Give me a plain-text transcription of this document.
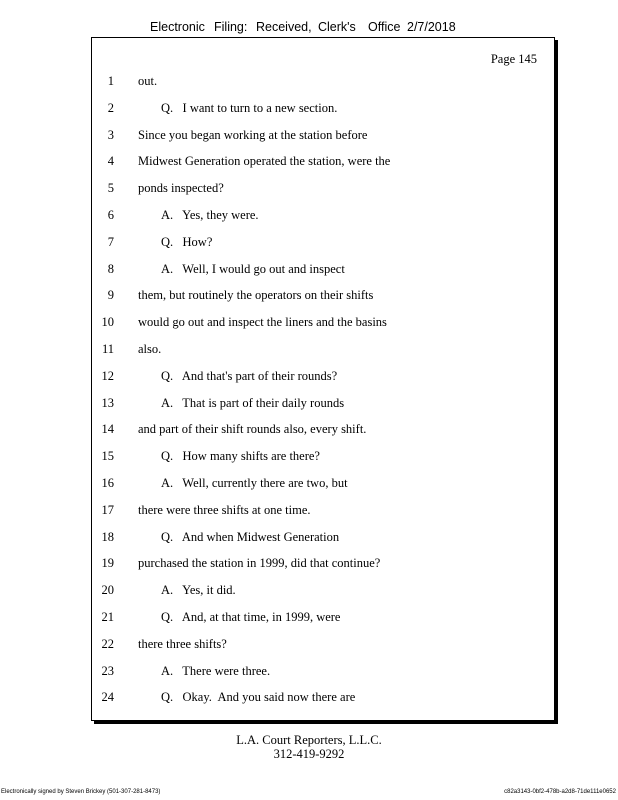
Electronic Filing: Received, Clerk's Office 2/7/2018
Page 145
1 out.
2	Q.   I want to turn to a new section.
3 Since you began working at the station before
4 Midwest Generation operated the station, were the
5 ponds inspected?
6	A.   Yes, they were.
7	Q.   How?
8	A.   Well, I would go out and inspect
9 them, but routinely the operators on their shifts
10 would go out and inspect the liners and the basins
11 also.
12	Q.   And that's part of their rounds?
13	A.   That is part of their daily rounds
14 and part of their shift rounds also, every shift.
15	Q.   How many shifts are there?
16	A.   Well, currently there are two, but
17 there were three shifts at one time.
18	Q.   And when Midwest Generation
19 purchased the station in 1999, did that continue?
20	A.   Yes, it did.
21	Q.   And, at that time, in 1999, were
22 there three shifts?
23	A.   There were three.
24	Q.   Okay.  And you said now there are
L.A. Court Reporters, L.L.C.
312-419-9292
Electronically signed by Steven Brickey (501-307-281-8473)	c82a3143-0bf2-478b-a2d8-71de111e0652
